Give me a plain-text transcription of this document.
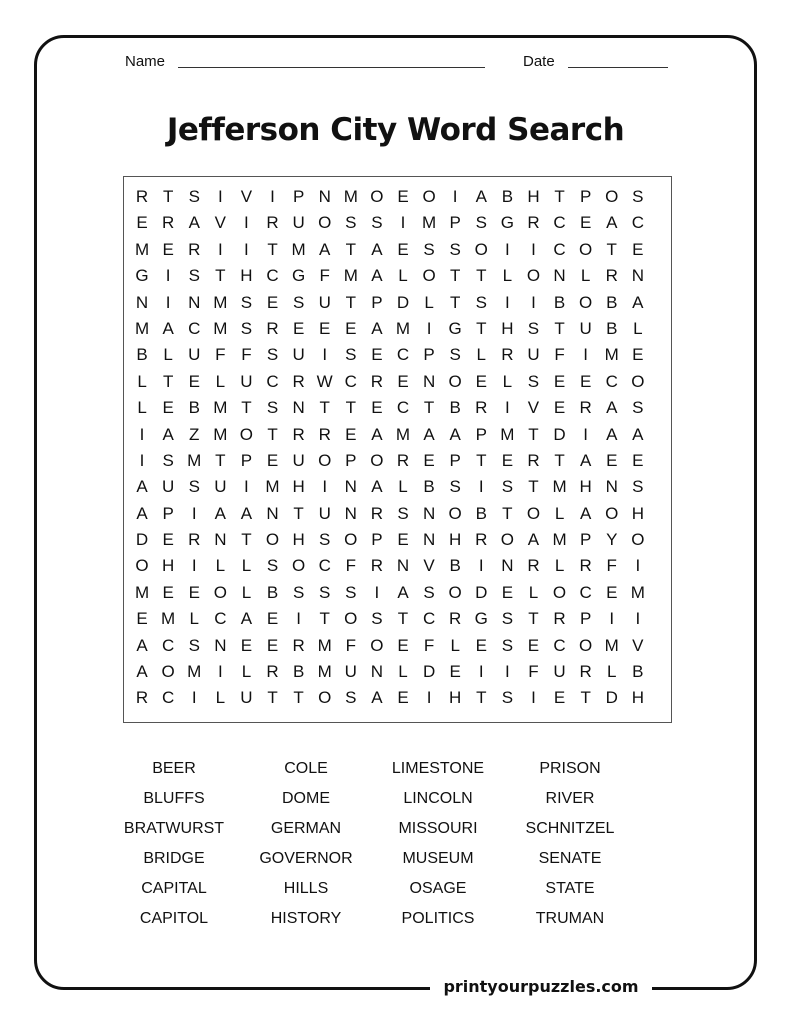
Name	Date
Jefferson City Word Search
R T S	I	V	I	P N M O E O	I	A B H T P O S
E R A V	I	R U O S S	I M P S G R C E A C
M E R	I	I	T M A T A E S S O	I	I	C O T E
G	I	S T H C G F M A L O T T L O N L R N
N	I	N M S E S U T P D L T S	I	I	B O B A
M A C M S R E E E A M I	G T H S T U B L
B L U F F S U	I	S E C P S L R U F	I M E
L T E L U C R W C R E N O E L S E E C O
L E B M T S N T T E C T B R	I	V E R A S
I	A Z M O T R R E A M A A P M T D	I	A A
I	S M T P E U O P O R E P T E R T A E E
A U S U	I M H	I	N A L B S	I	S T M H N S
A P	I	A A N T U N R S N O B T O L A O H
D E R N T O H S O P E N H R O A M P Y O
O H	I	L L S O C F R N V B	I	N R L R F	I
M E E O L B S S S	I	A S O D E L O C E M
E M L C A E	I	T O S T C R G S T R P	I	I
A C S N E E R M F O E F L E S E C O M V
A O M I	L R B M U N L D E	I	I	F U R L B
R C	I	L U T T O S A E	I	H T S	I	E T D H
BEER	COLE	LIMESTONE	PRISON
BLUFFS	DOME	LINCOLN	RIVER
BRATWURST	GERMAN	MISSOURI	SCHNITZEL
BRIDGE	GOVERNOR	MUSEUM	SENATE
CAPITAL	HILLS	OSAGE	STATE
CAPITOL	HISTORY	POLITICS	TRUMAN
printyourpuzzles.com
